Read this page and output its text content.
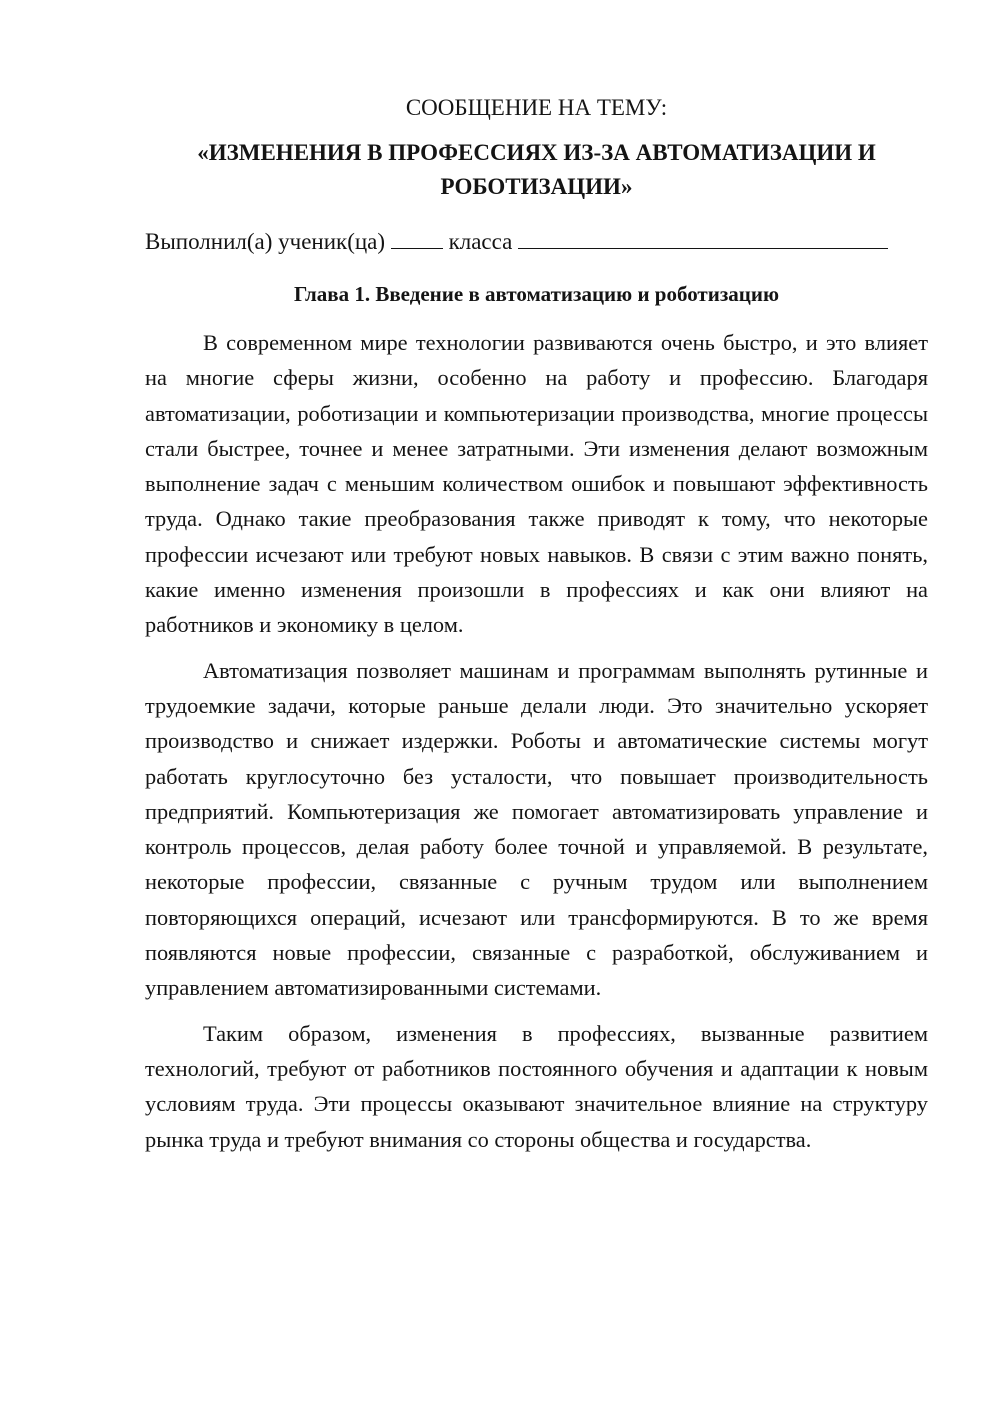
СООБЩЕНИЕ НА ТЕМУ:

«ИЗМЕНЕНИЯ В ПРОФЕССИЯХ ИЗ-ЗА АВТОМАТИЗАЦИИ И
РОБОТИЗАЦИИ»

Выполнил(а) ученик(ца)	класса

Глава 1. Введение в автоматизацию и роботизацию

В современном мире технологии развиваются очень быстро, и это влияет на многие сферы жизни, особенно на работу и профессию. Благодаря автоматизации, роботизации и компьютеризации производства, многие процессы стали быстрее, точнее и менее затратными. Эти изменения делают возможным выполнение задач с меньшим количеством ошибок и повышают эффективность труда. Однако такие преобразования также приводят к тому, что некоторые профессии исчезают или требуют новых навыков. В связи с этим важно понять, какие именно изменения произошли в профессиях и как они влияют на работников и экономику в целом.

Автоматизация позволяет машинам и программам выполнять рутинные и трудоемкие задачи, которые раньше делали люди. Это значительно ускоряет производство и снижает издержки. Роботы и автоматические системы могут работать круглосуточно без усталости, что повышает производительность предприятий. Компьютеризация же помогает автоматизировать управление и контроль процессов, делая работу более точной и управляемой. В результате, некоторые профессии, связанные с ручным трудом или выполнением повторяющихся операций, исчезают или трансформируются. В то же время появляются новые профессии, связанные с разработкой, обслуживанием и управлением автоматизированными системами.

Таким образом, изменения в профессиях, вызванные развитием технологий, требуют от работников постоянного обучения и адаптации к новым условиям труда. Эти процессы оказывают значительное влияние на структуру рынка труда и требуют внимания со стороны общества и государства.
